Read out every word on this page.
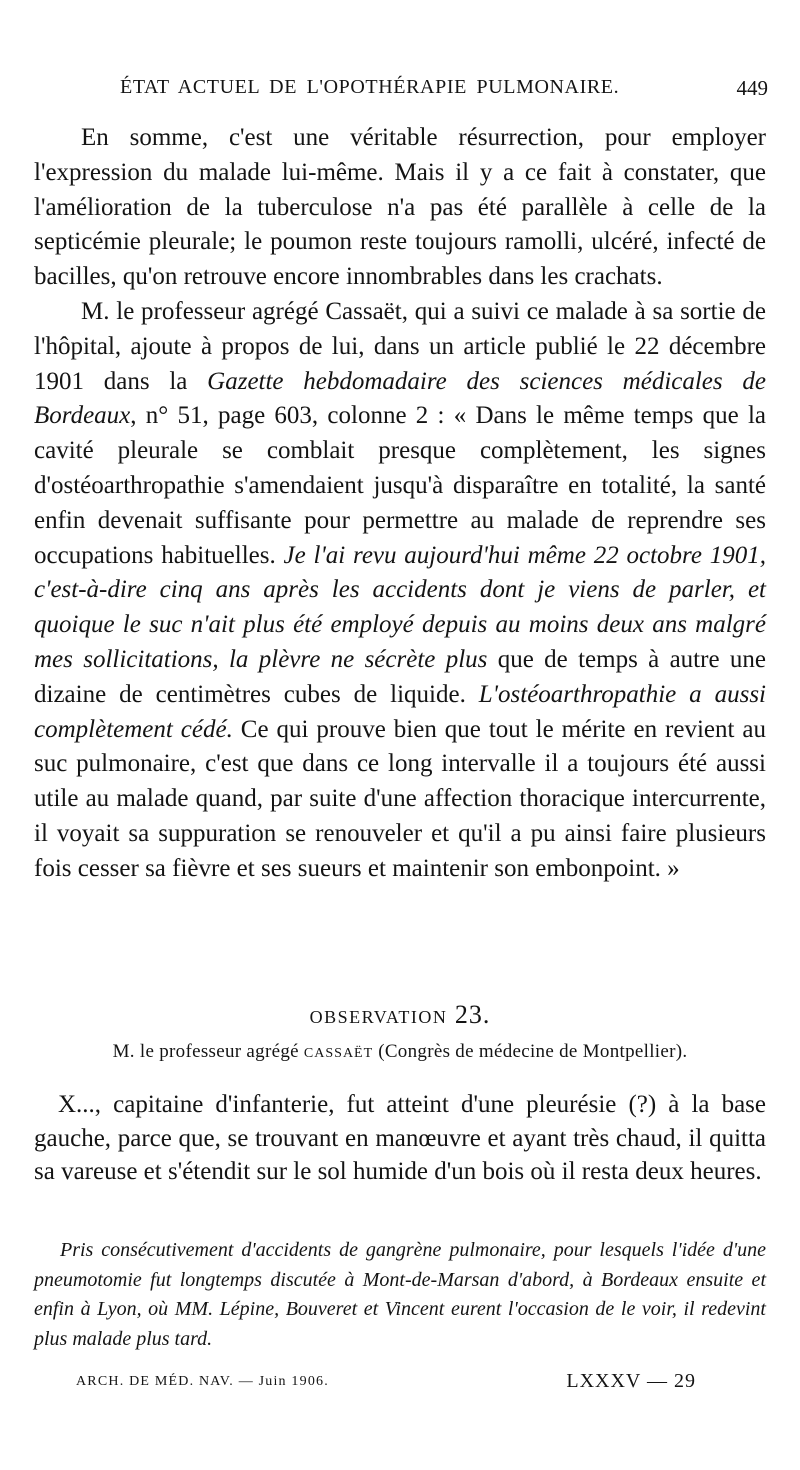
ÉTAT ACTUEL DE L'OPOTHÉRAPIE PULMONAIRE.	449

En somme, c'est une véritable résurrection, pour employer l'expression du malade lui-même. Mais il y a ce fait à constater, que l'amélioration de la tuberculose n'a pas été parallèle à celle de la septicémie pleurale; le poumon reste toujours ramolli, ulcéré, infecté de bacilles, qu'on retrouve encore innombrables dans les crachats.

M. le professeur agrégé Cassaët, qui a suivi ce malade à sa sortie de l'hôpital, ajoute à propos de lui, dans un article publié le 22 décembre 1901 dans la Gazette hebdomadaire des sciences médicales de Bordeaux, n° 51, page 603, colonne 2 : « Dans le même temps que la cavité pleurale se comblait presque complètement, les signes d'ostéoarthropathie s'amendaient jusqu'à disparaître en totalité, la santé enfin devenait suffisante pour permettre au malade de reprendre ses occupations habituelles. Je l'ai revu aujourd'hui même 22 octobre 1901, c'est-à-dire cinq ans après les accidents dont je viens de parler, et quoique le suc n'ait plus été employé depuis au moins deux ans malgré mes sollicitations, la plèvre ne sécrète plus que de temps à autre une dizaine de centimètres cubes de liquide. L'ostéoarthropathie a aussi complètement cédé. Ce qui prouve bien que tout le mérite en revient au suc pulmonaire, c'est que dans ce long intervalle il a toujours été aussi utile au malade quand, par suite d'une affection thoracique intercurrente, il voyait sa suppuration se renouveler et qu'il a pu ainsi faire plusieurs fois cesser sa fièvre et ses sueurs et maintenir son embonpoint. »

OBSERVATION 23.
M. le professeur agrégé CASSAËT (Congrès de médecine de Montpellier).

X..., capitaine d'infanterie, fut atteint d'une pleurésie (?) à la base gauche, parce que, se trouvant en manœuvre et ayant très chaud, il quitta sa vareuse et s'étendit sur le sol humide d'un bois où il resta deux heures.

Pris consécutivement d'accidents de gangrène pulmonaire, pour lesquels l'idée d'une pneumotomie fut longtemps discutée à Mont-de-Marsan d'abord, à Bordeaux ensuite et enfin à Lyon, où MM. Lépine, Bouveret et Vincent eurent l'occasion de le voir, il redevint plus malade plus tard.

ARCH. DE MÉD. NAV. — Juin 1906.	LXXXV — 29
